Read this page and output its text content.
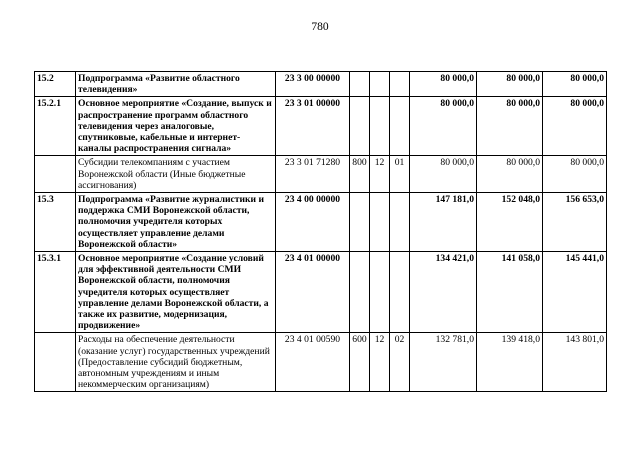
780
15.2	Подпрограмма «Развитие областного телевидения»	23 3 00 00000				80 000,0	80 000,0	80 000,0
15.2.1	Основное мероприятие «Создание, выпуск и распространение программ областного телевидения через аналоговые, спутниковые, кабельные и интернет-каналы распространения сигнала»	23 3 01 00000				80 000,0	80 000,0	80 000,0
	Субсидии телекомпаниям с участием Воронежской области (Иные бюджетные ассигнования)	23 3 01 71280	800	12	01	80 000,0	80 000,0	80 000,0
15.3	Подпрограмма «Развитие журналистики и поддержка СМИ Воронежской области, полномочия учредителя которых осуществляет управление делами Воронежской области»	23 4 00 00000				147 181,0	152 048,0	156 653,0
15.3.1	Основное мероприятие «Создание условий для эффективной деятельности СМИ Воронежской области, полномочия учредителя которых осуществляет управление делами Воронежской области, а также их развитие, модернизация, продвижение»	23 4 01 00000				134 421,0	141 058,0	145 441,0
	Расходы на обеспечение деятельности (оказание услуг) государственных учреждений (Предоставление субсидий бюджетным, автономным учреждениям и иным некоммерческим организациям)	23 4 01 00590	600	12	02	132 781,0	139 418,0	143 801,0
